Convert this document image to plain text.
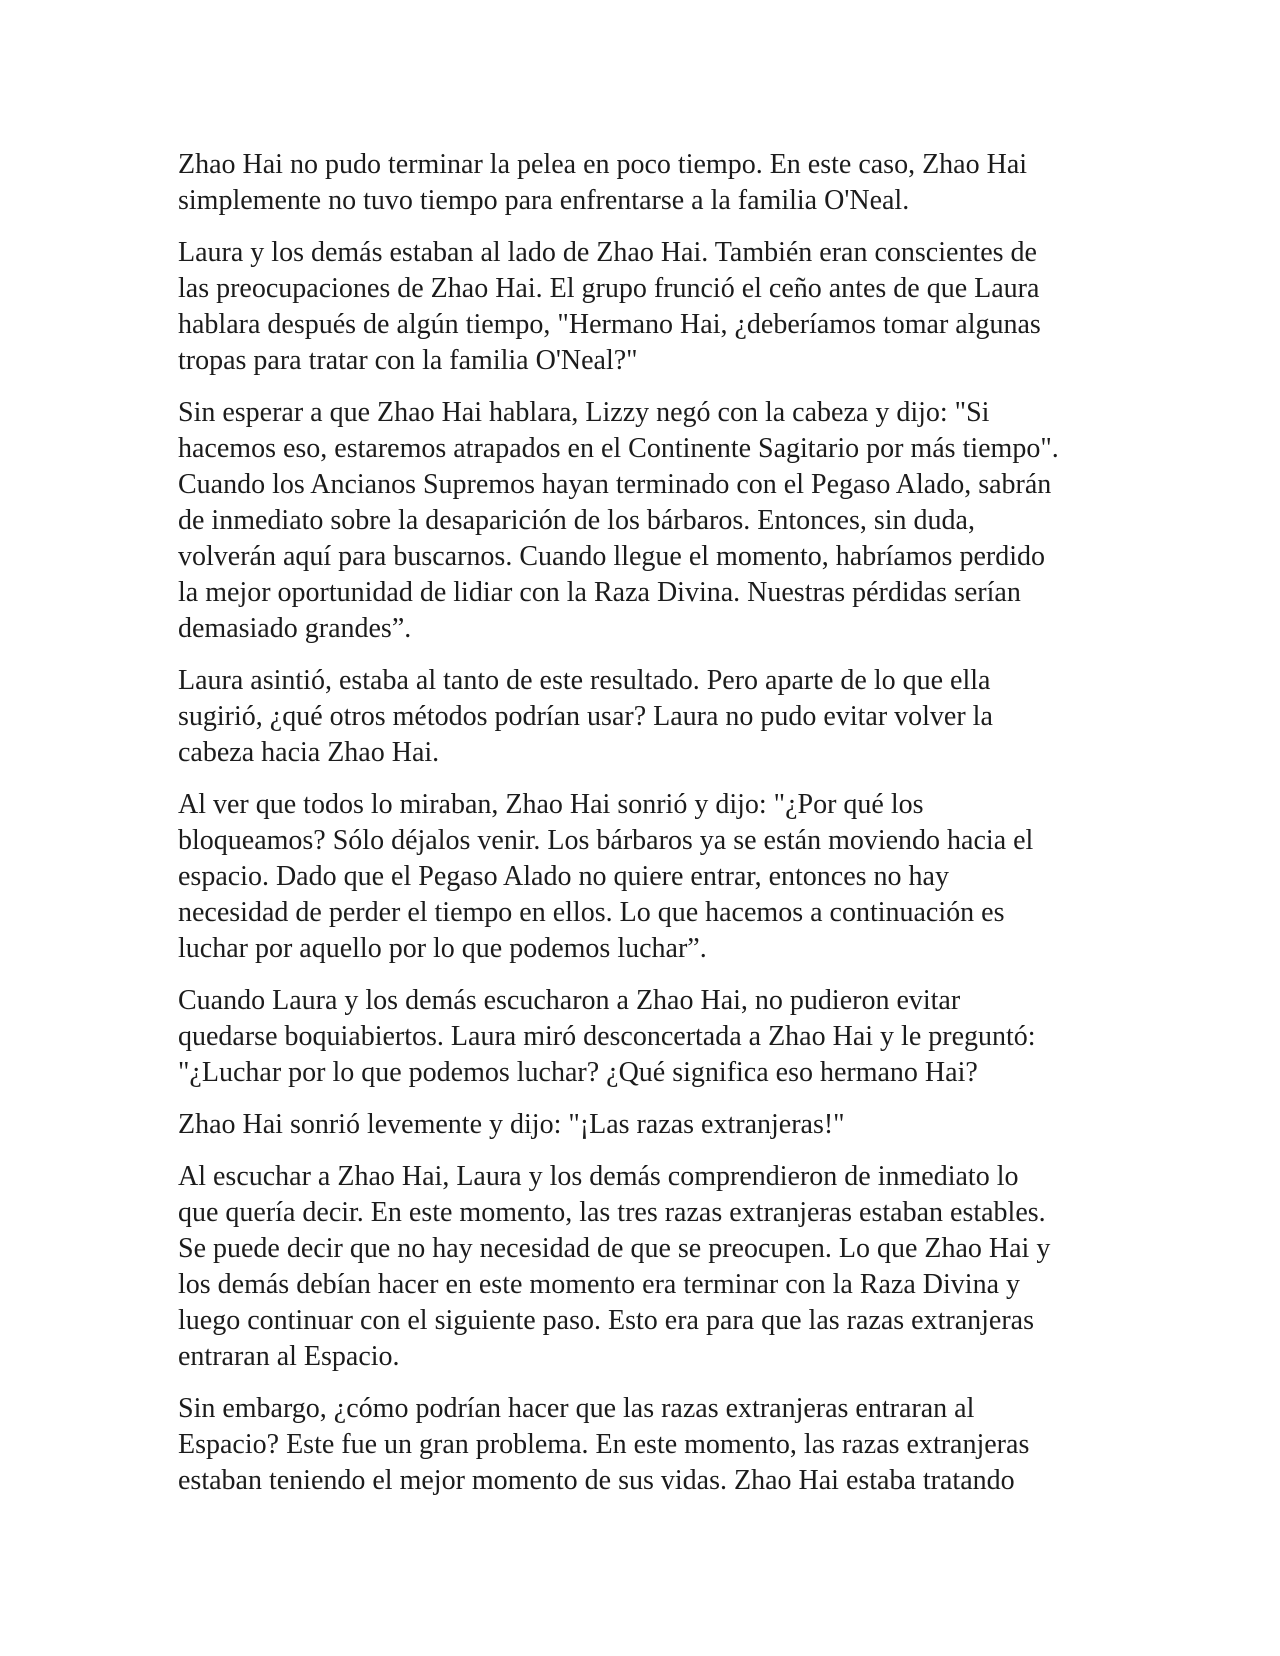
Zhao Hai no pudo terminar la pelea en poco tiempo. En este caso, Zhao Hai
simplemente no tuvo tiempo para enfrentarse a la familia O'Neal.

Laura y los demás estaban al lado de Zhao Hai. También eran conscientes de
las preocupaciones de Zhao Hai. El grupo frunció el ceño antes de que Laura
hablara después de algún tiempo, "Hermano Hai, ¿deberíamos tomar algunas
tropas para tratar con la familia O'Neal?"

Sin esperar a que Zhao Hai hablara, Lizzy negó con la cabeza y dijo: "Si
hacemos eso, estaremos atrapados en el Continente Sagitario por más tiempo".
Cuando los Ancianos Supremos hayan terminado con el Pegaso Alado, sabrán
de inmediato sobre la desaparición de los bárbaros. Entonces, sin duda,
volverán aquí para buscarnos. Cuando llegue el momento, habríamos perdido
la mejor oportunidad de lidiar con la Raza Divina. Nuestras pérdidas serían
demasiado grandes”.

Laura asintió, estaba al tanto de este resultado. Pero aparte de lo que ella
sugirió, ¿qué otros métodos podrían usar? Laura no pudo evitar volver la
cabeza hacia Zhao Hai.

Al ver que todos lo miraban, Zhao Hai sonrió y dijo: "¿Por qué los
bloqueamos? Sólo déjalos venir. Los bárbaros ya se están moviendo hacia el
espacio. Dado que el Pegaso Alado no quiere entrar, entonces no hay
necesidad de perder el tiempo en ellos. Lo que hacemos a continuación es
luchar por aquello por lo que podemos luchar”.

Cuando Laura y los demás escucharon a Zhao Hai, no pudieron evitar
quedarse boquiabiertos. Laura miró desconcertada a Zhao Hai y le preguntó:
"¿Luchar por lo que podemos luchar? ¿Qué significa eso hermano Hai?

Zhao Hai sonrió levemente y dijo: "¡Las razas extranjeras!"

Al escuchar a Zhao Hai, Laura y los demás comprendieron de inmediato lo
que quería decir. En este momento, las tres razas extranjeras estaban estables.
Se puede decir que no hay necesidad de que se preocupen. Lo que Zhao Hai y
los demás debían hacer en este momento era terminar con la Raza Divina y
luego continuar con el siguiente paso. Esto era para que las razas extranjeras
entraran al Espacio.

Sin embargo, ¿cómo podrían hacer que las razas extranjeras entraran al
Espacio? Este fue un gran problema. En este momento, las razas extranjeras
estaban teniendo el mejor momento de sus vidas. Zhao Hai estaba tratando
